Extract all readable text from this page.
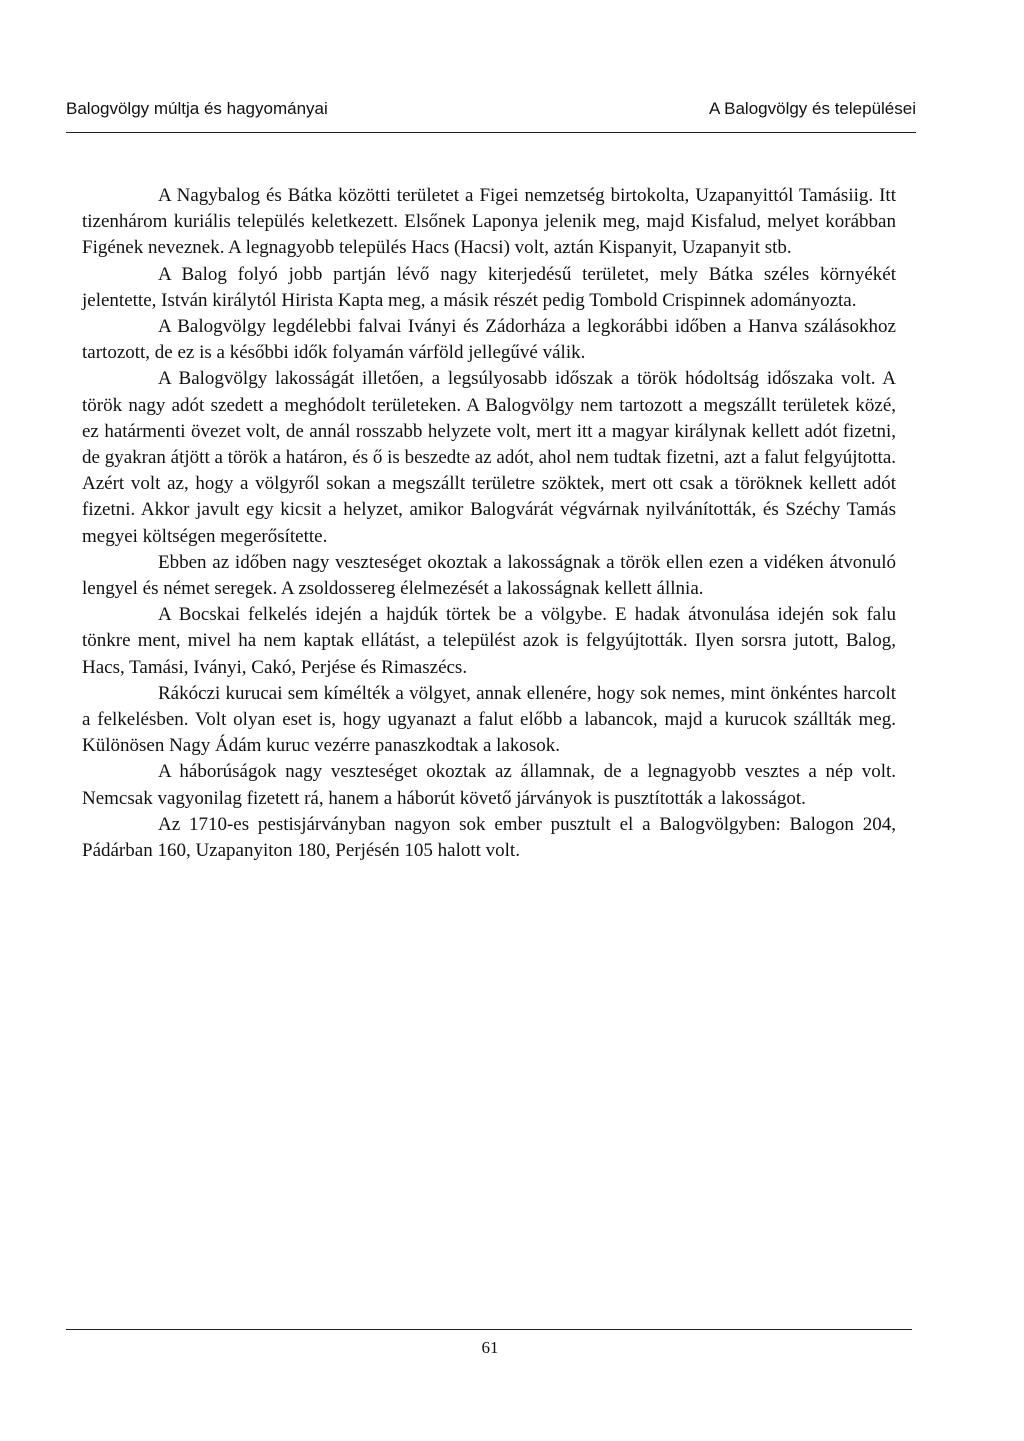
Balogvölgy múltja és hagyományai	A Balogvölgy és települései

A Nagybalog és Bátka közötti területet a Figei nemzetség birtokolta, Uzapanyittól Tamásiig. Itt tizenhárom kuriális település keletkezett. Elsőnek Laponya jelenik meg, majd Kisfalud, melyet korábban Figének neveznek. A legnagyobb település Hacs (Hacsi) volt, aztán Kispanyit, Uzapanyit stb.

A Balog folyó jobb partján lévő nagy kiterjedésű területet, mely Bátka széles környékét jelentette, István királytól Hirista Kapta meg, a másik részét pedig Tombold Crispinnek adományozta.

A Balogvölgy legdélebbi falvai Iványi és Zádorháza a legkorábbi időben a Hanva szálásokhoz tartozott, de ez is a későbbi idők folyamán várföld jellegűvé válik.

A Balogvölgy lakosságát illetően, a legsúlyosabb időszak a török hódoltság időszaka volt. A török nagy adót szedett a meghódolt területeken. A Balogvölgy nem tartozott a megszállt területek közé, ez határmenti övezet volt, de annál rosszabb helyzete volt, mert itt a magyar királynak kellett adót fizetni, de gyakran átjött a török a határon, és ő is beszedte az adót, ahol nem tudtak fizetni, azt a falut felgyújtotta. Azért volt az, hogy a völgyről sokan a megszállt területre szöktek, mert ott csak a töröknek kellett adót fizetni. Akkor javult egy kicsit a helyzet, amikor Balogvárát végvárnak nyilvánították, és Széchy Tamás megyei költségen megerősítette.

Ebben az időben nagy veszteséget okoztak a lakosságnak a török ellen ezen a vidéken átvonuló lengyel és német seregek. A zsoldossereg élelmezését a lakosságnak kellett állnia.

A Bocskai felkelés idején a hajdúk törtek be a völgybe. E hadak átvonulása idején sok falu tönkre ment, mivel ha nem kaptak ellátást, a települést azok is felgyújtották. Ilyen sorsra jutott, Balog, Hacs, Tamási, Iványi, Cakó, Perjése és Rimaszécs.

Rákóczi kurucai sem kímélték a völgyet, annak ellenére, hogy sok nemes, mint önkéntes harcolt a felkelésben. Volt olyan eset is, hogy ugyanazt a falut előbb a labancok, majd a kurucok szállták meg. Különösen Nagy Ádám kuruc vezérre panaszkodtak a lakosok.

A háborúságok nagy veszteséget okoztak az államnak, de a legnagyobb vesztes a nép volt. Nemcsak vagyonilag fizetett rá, hanem a háborút követő járványok is pusztították a lakosságot.

Az 1710-es pestisjárványban nagyon sok ember pusztult el a Balogvölgyben: Balogon 204, Pádárban 160, Uzapanyiton 180, Perjésén 105 halott volt.

61
